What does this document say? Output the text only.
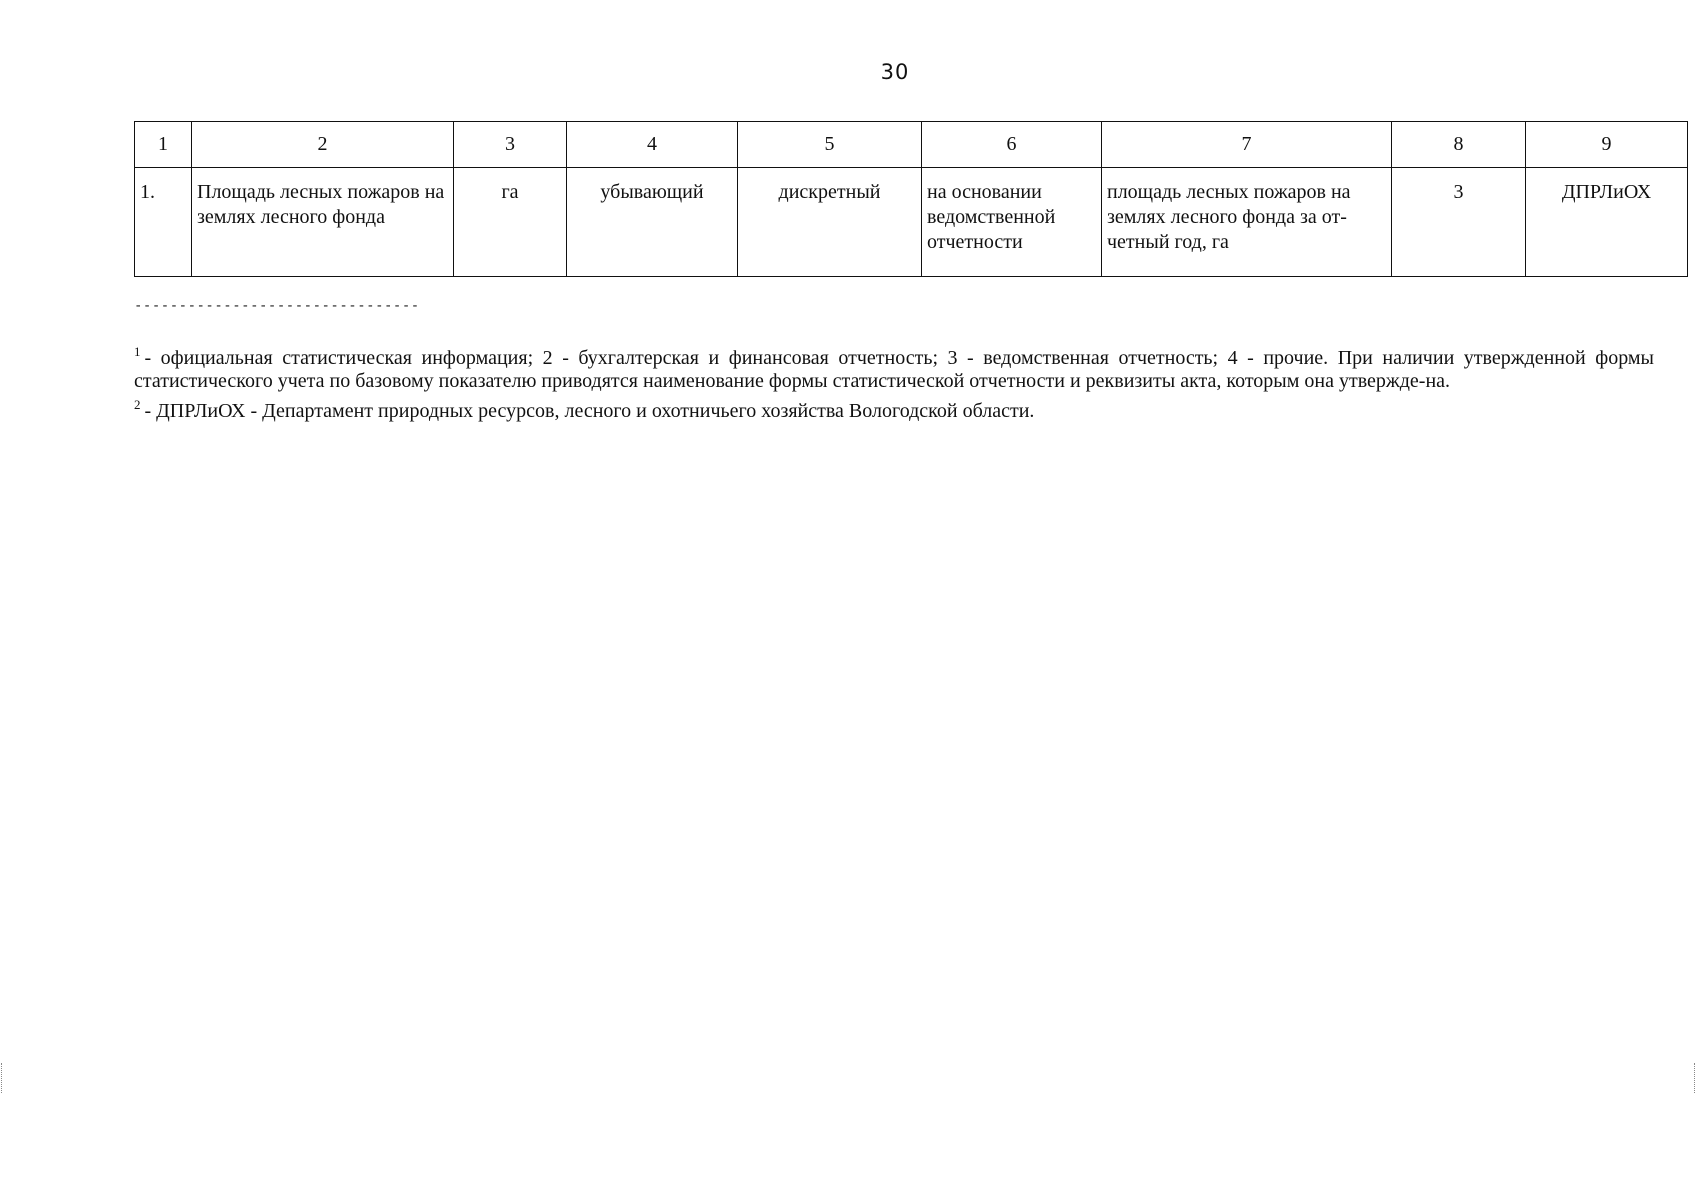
30
1	2	3	4	5	6	7	8	9
1.	Площадь лесных пожаров на землях лесного фонда	га	убывающий	дискретный	на основании ведомственной отчетности	площадь лесных пожаров на землях лесного фонда за от-четный год, га	3	ДПРЛиОХ
--------------------------------

$^1$ - официальная статистическая информация; 2 - бухгалтерская и финансовая отчетность; 3 - ведомственная отчетность; 4 - прочие. При наличии утвержденной формы статистического учета по базовому показателю приводятся наименование формы статистической отчетности и реквизиты акта, которым она утвержде-на.

$^2$ - ДПРЛиОХ - Департамент природных ресурсов, лесного и охотничьего хозяйства Вологодской области.
